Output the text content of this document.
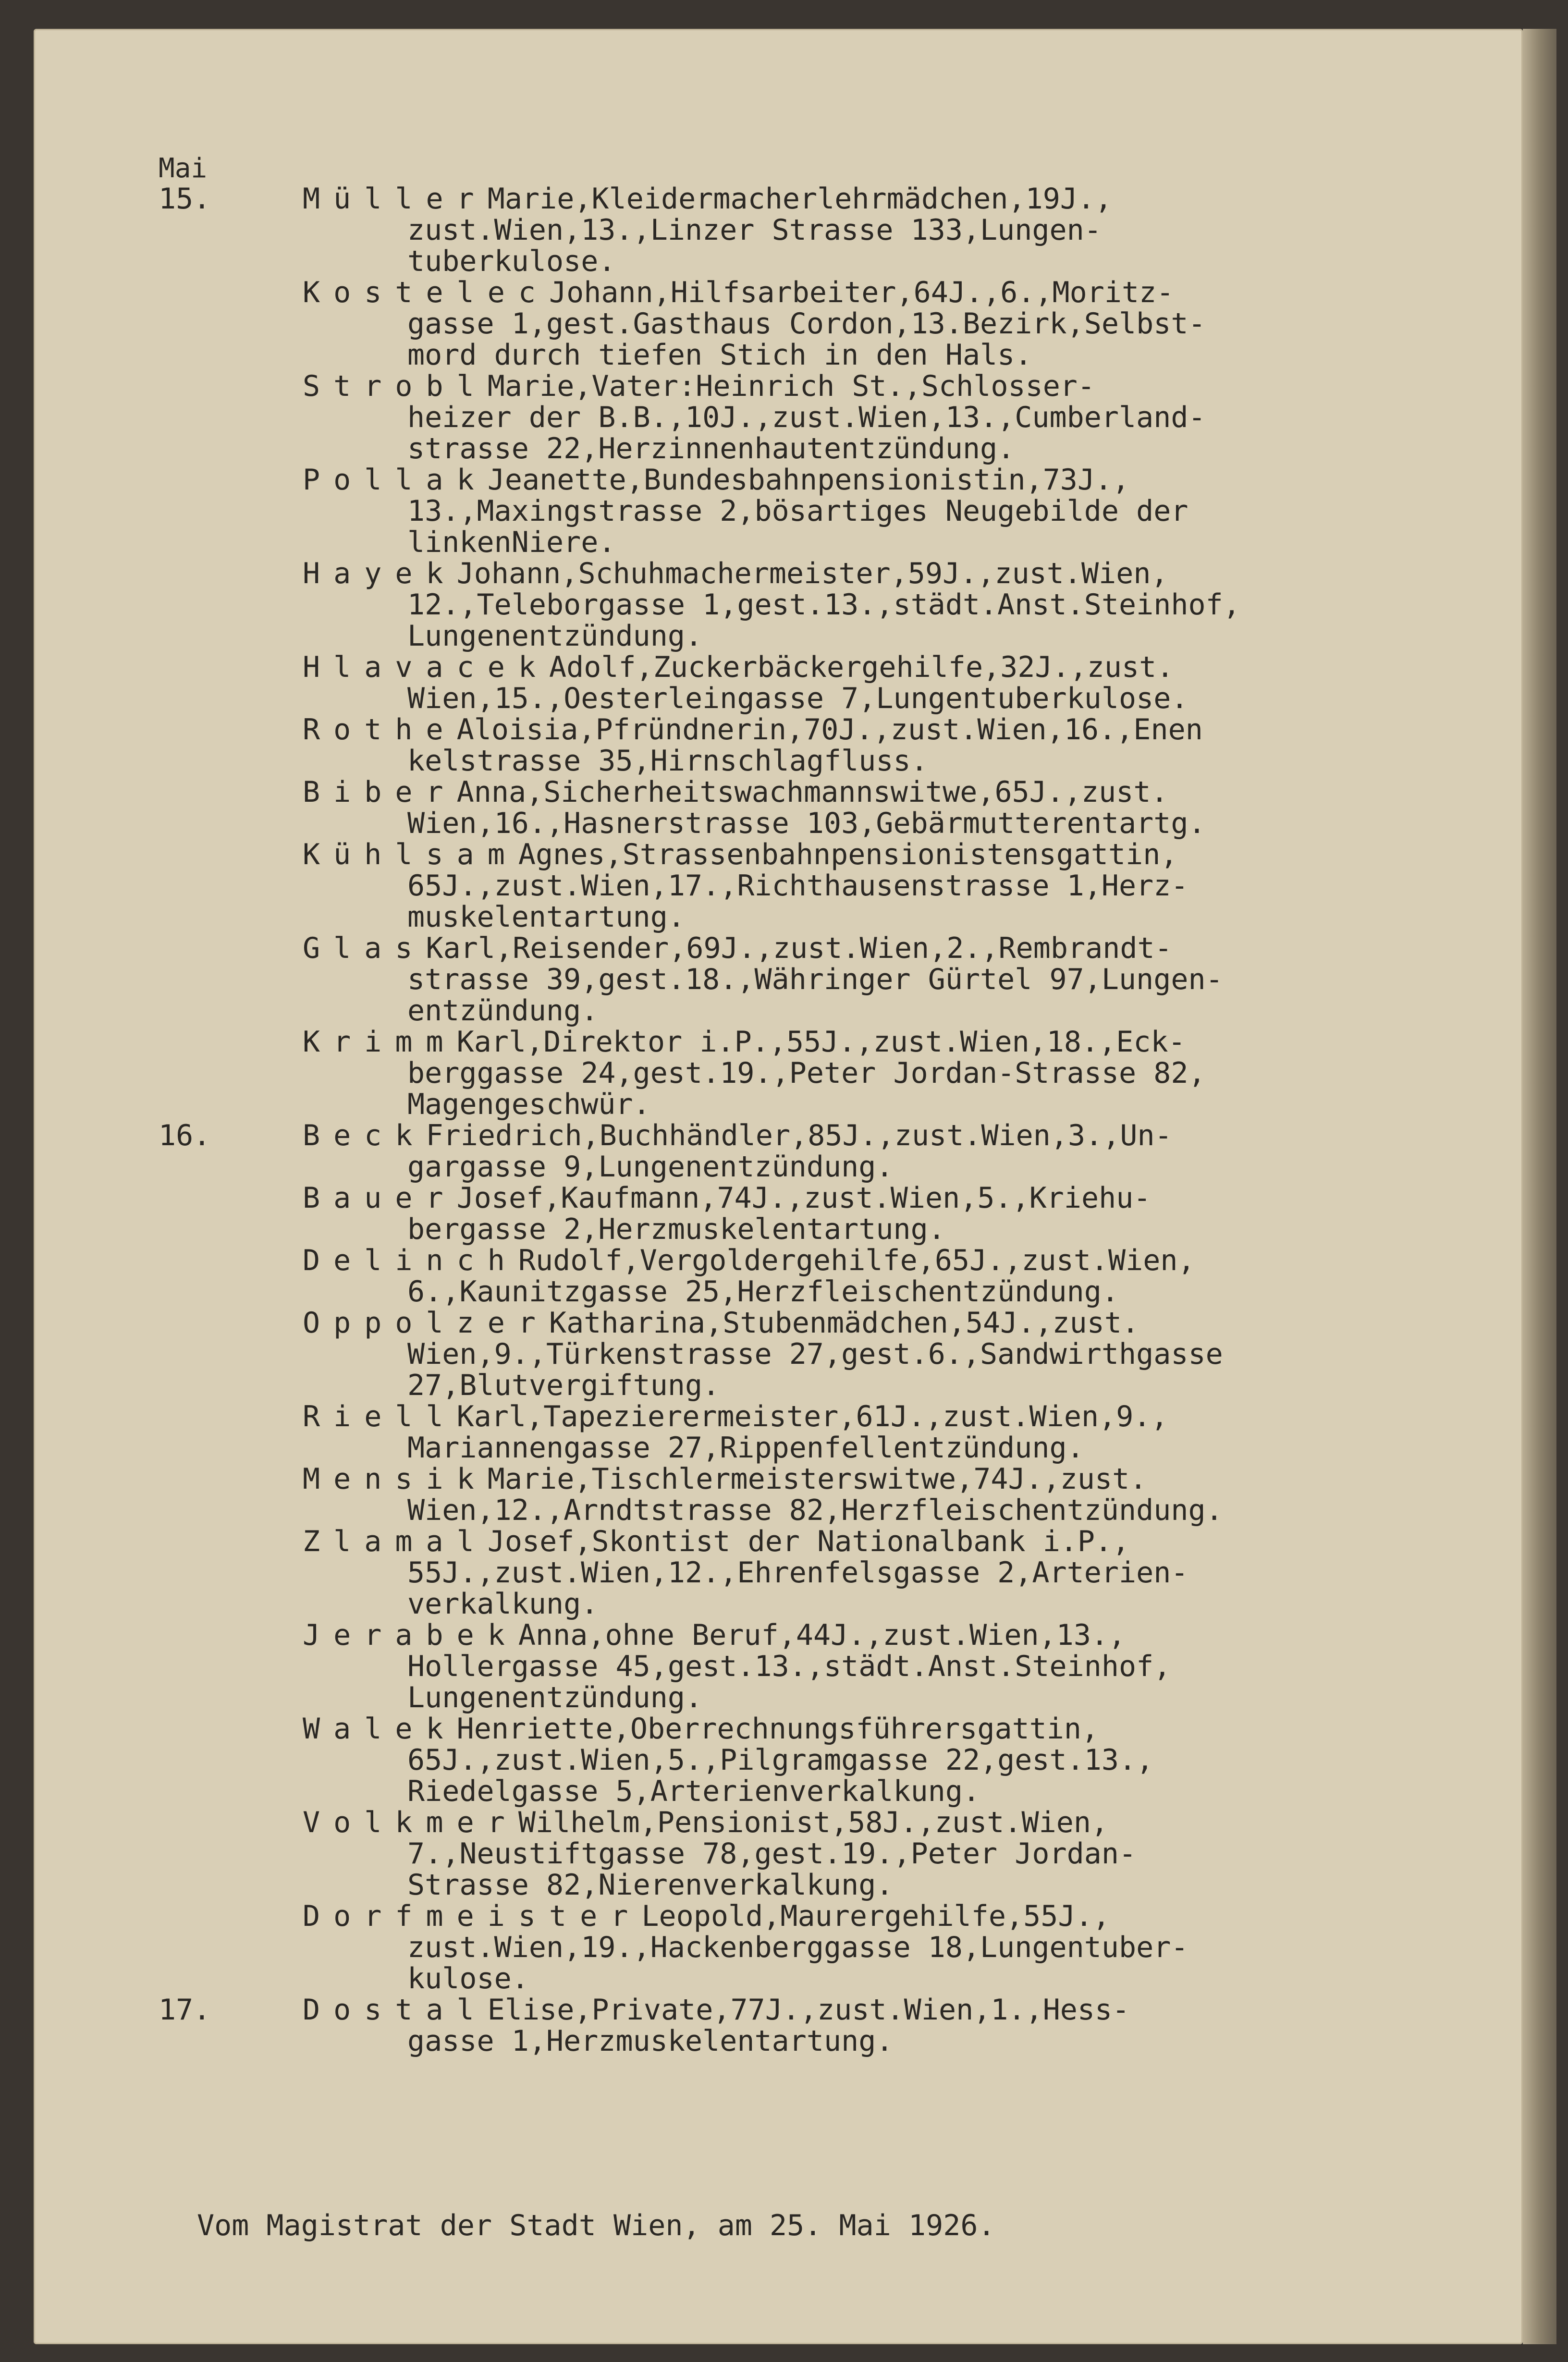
Mai
15.	MüllerMarie,Kleidermacherlehrmädchen,19J.,
zust.Wien,13.,Linzer Strasse 133,Lungen-
tuberkulose.
KostelecJohann,Hilfsarbeiter,64J.,6.,Moritz-
gasse 1,gest.Gasthaus Cordon,13.Bezirk,Selbst-
mord durch tiefen Stich in den Hals.
StroblMarie,Vater:Heinrich St.,Schlosser-
heizer der B.B.,10J.,zust.Wien,13.,Cumberland-
strasse 22,Herzinnenhautentzündung.
PollakJeanette,Bundesbahnpensionistin,73J.,
13.,Maxingstrasse 2,bösartiges Neugebilde der
linkenNiere.
HayekJohann,Schuhmachermeister,59J.,zust.Wien,
12.,Teleborgasse 1,gest.13.,städt.Anst.Steinhof,
Lungenentzündung.
HlavacekAdolf,Zuckerbäckergehilfe,32J.,zust.
Wien,15.,Oesterleingasse 7,Lungentuberkulose.
RotheAloisia,Pfründnerin,70J.,zust.Wien,16.,Enen
kelstrasse 35,Hirnschlagfluss.
BiberAnna,Sicherheitswachmannswitwe,65J.,zust.
Wien,16.,Hasnerstrasse 103,Gebärmutterentartg.
KühlsamAgnes,Strassenbahnpensionistensgattin,
65J.,zust.Wien,17.,Richthausenstrasse 1,Herz-
muskelentartung.
GlasKarl,Reisender,69J.,zust.Wien,2.,Rembrandt-
strasse 39,gest.18.,Währinger Gürtel 97,Lungen-
entzündung.
KrimmKarl,Direktor i.P.,55J.,zust.Wien,18.,Eck-
berggasse 24,gest.19.,Peter Jordan-Strasse 82,
Magengeschwür.
16.	BeckFriedrich,Buchhändler,85J.,zust.Wien,3.,Un-
gargasse 9,Lungenentzündung.
BauerJosef,Kaufmann,74J.,zust.Wien,5.,Kriehu-
bergasse 2,Herzmuskelentartung.
DelinchRudolf,Vergoldergehilfe,65J.,zust.Wien,
6.,Kaunitzgasse 25,Herzfleischentzündung.
OppolzerKatharina,Stubenmädchen,54J.,zust.
Wien,9.,Türkenstrasse 27,gest.6.,Sandwirthgasse
27,Blutvergiftung.
RiellKarl,Tapezierermeister,61J.,zust.Wien,9.,
Mariannengasse 27,Rippenfellentzündung.
MensikMarie,Tischlermeisterswitwe,74J.,zust.
Wien,12.,Arndtstrasse 82,Herzfleischentzündung.
ZlamalJosef,Skontist der Nationalbank i.P.,
55J.,zust.Wien,12.,Ehrenfelsgasse 2,Arterien-
verkalkung.
JerabekAnna,ohne Beruf,44J.,zust.Wien,13.,
Hollergasse 45,gest.13.,städt.Anst.Steinhof,
Lungenentzündung.
WalekHenriette,Oberrechnungsführersgattin,
65J.,zust.Wien,5.,Pilgramgasse 22,gest.13.,
Riedelgasse 5,Arterienverkalkung.
VolkmerWilhelm,Pensionist,58J.,zust.Wien,
7.,Neustiftgasse 78,gest.19.,Peter Jordan-
Strasse 82,Nierenverkalkung.
DorfmeisterLeopold,Maurergehilfe,55J.,
zust.Wien,19.,Hackenberggasse 18,Lungentuber-
kulose.
17.	DostalElise,Private,77J.,zust.Wien,1.,Hess-
gasse 1,Herzmuskelentartung.
Vom Magistrat der Stadt Wien, am 25. Mai 1926.
